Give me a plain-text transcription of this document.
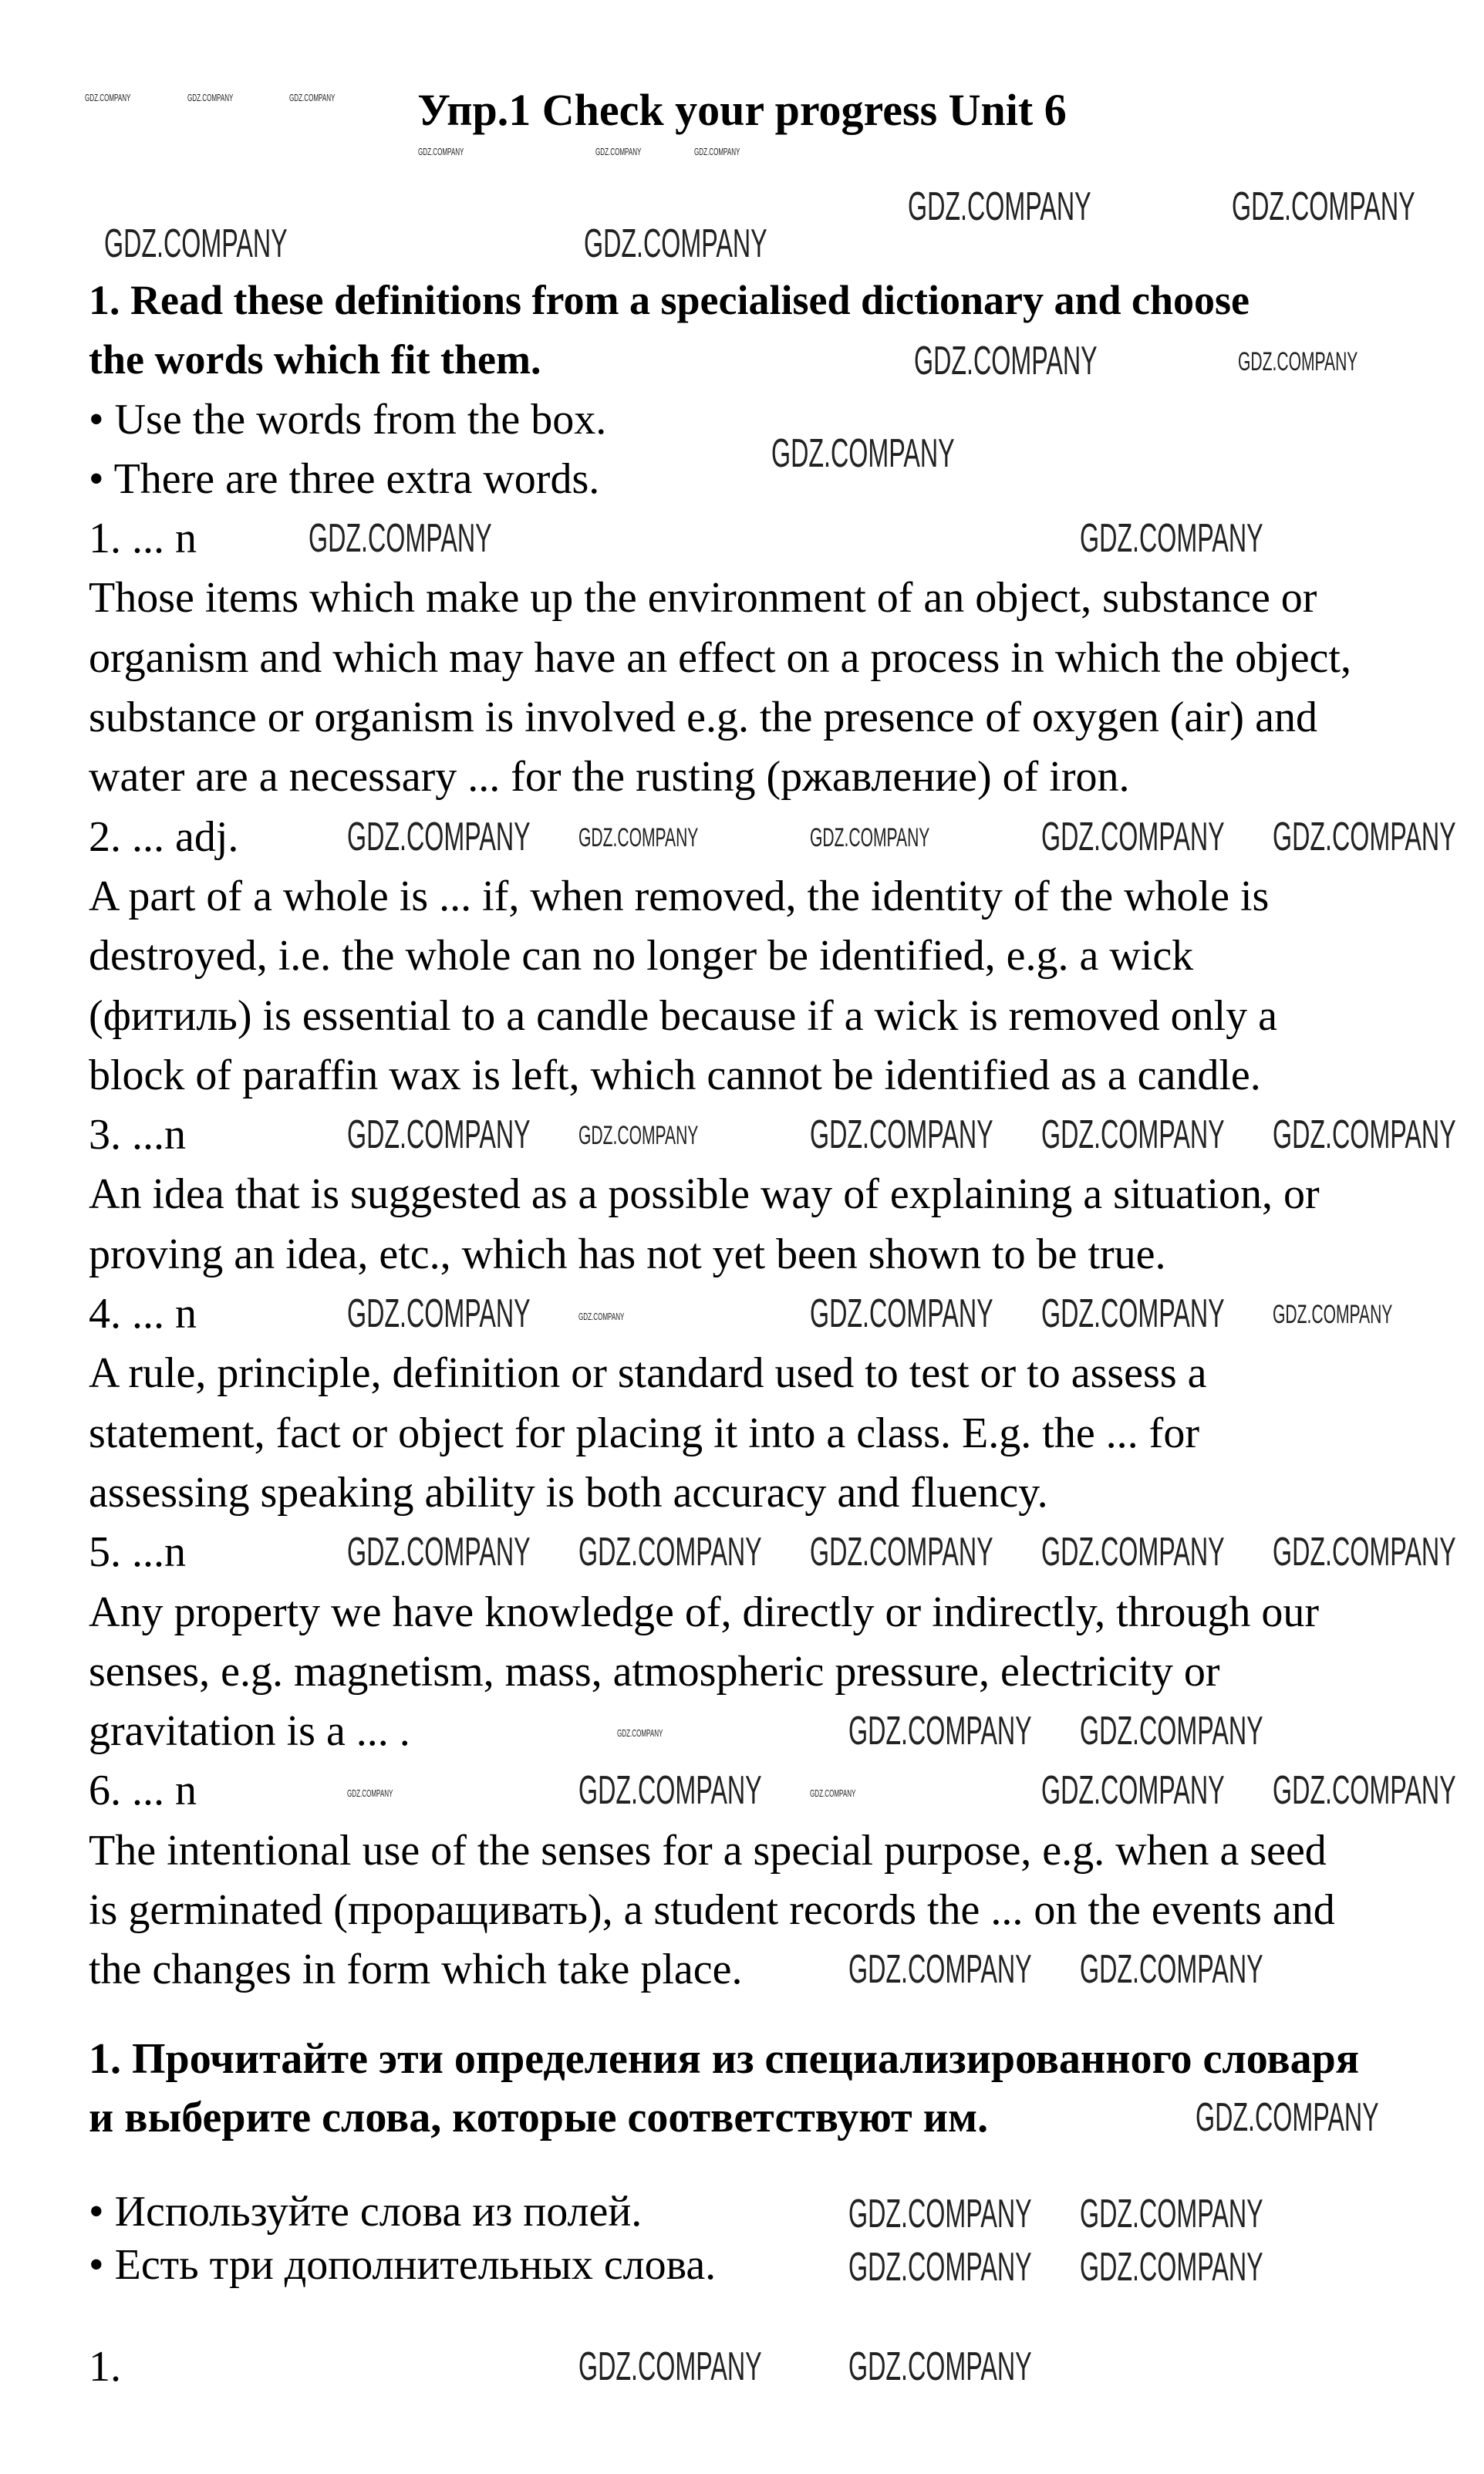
Упр.1 Check your progress Unit 6
1. Read these definitions from a specialised dictionary and choose
the words which fit them.
• Use the words from the box.
• There are three extra words.
1. ... n
Those items which make up the environment of an object, substance or
organism and which may have an effect on a process in which the object,
substance or organism is involved e.g. the presence of oxygen (air) and
water are a necessary ... for the rusting (ржавление) of iron.
2. ... adj.
A part of a whole is ... if, when removed, the identity of the whole is
destroyed, i.e. the whole can no longer be identified, e.g. a wick
(фитиль) is essential to a candle because if a wick is removed only a
block of paraffin wax is left, which cannot be identified as a candle.
3. ...n
An idea that is suggested as a possible way of explaining a situation, or
proving an idea, etc., which has not yet been shown to be true.
4. ... n
A rule, principle, definition or standard used to test or to assess a
statement, fact or object for placing it into a class. E.g. the ... for
assessing speaking ability is both accuracy and fluency.
5. ...n
Any property we have knowledge of, directly or indirectly, through our
senses, e.g. magnetism, mass, atmospheric pressure, electricity or
gravitation is a ... .
6. ... n
The intentional use of the senses for a special purpose, e.g. when a seed
is germinated (проращивать), a student records the ... on the events and
the changes in form which take place.
1. Прочитайте эти определения из специализированного словаря
и выберите слова, которые соответствуют им.
• Используйте слова из полей.
• Есть три дополнительных слова.
1.
GDZ.COMPANY	GDZ.COMPANY	GDZ.COMPANY
GDZ.COMPANY	GDZ.COMPANY	GDZ.COMPANY
GDZ.COMPANY	GDZ.COMPANY
GDZ.COMPANY	GDZ.COMPANY
GDZ.COMPANY	GDZ.COMPANY
GDZ.COMPANY
GDZ.COMPANY	GDZ.COMPANY
GDZ.COMPANY GDZ.COMPANY	GDZ.COMPANY	GDZ.COMPANY GDZ.COMPANY
GDZ.COMPANY GDZ.COMPANY	GDZ.COMPANY GDZ.COMPANY GDZ.COMPANY
GDZ.COMPANY	GDZ.COMPANY	GDZ.COMPANY GDZ.COMPANY GDZ.COMPANY
GDZ.COMPANY GDZ.COMPANY GDZ.COMPANY GDZ.COMPANY GDZ.COMPANY
GDZ.COMPANY	GDZ.COMPANY GDZ.COMPANY
GDZ.COMPANY	GDZ.COMPANY	GDZ.COMPANY	GDZ.COMPANY GDZ.COMPANY
GDZ.COMPANY GDZ.COMPANY
GDZ.COMPANY
GDZ.COMPANY GDZ.COMPANY
GDZ.COMPANY GDZ.COMPANY
GDZ.COMPANY GDZ.COMPANY
